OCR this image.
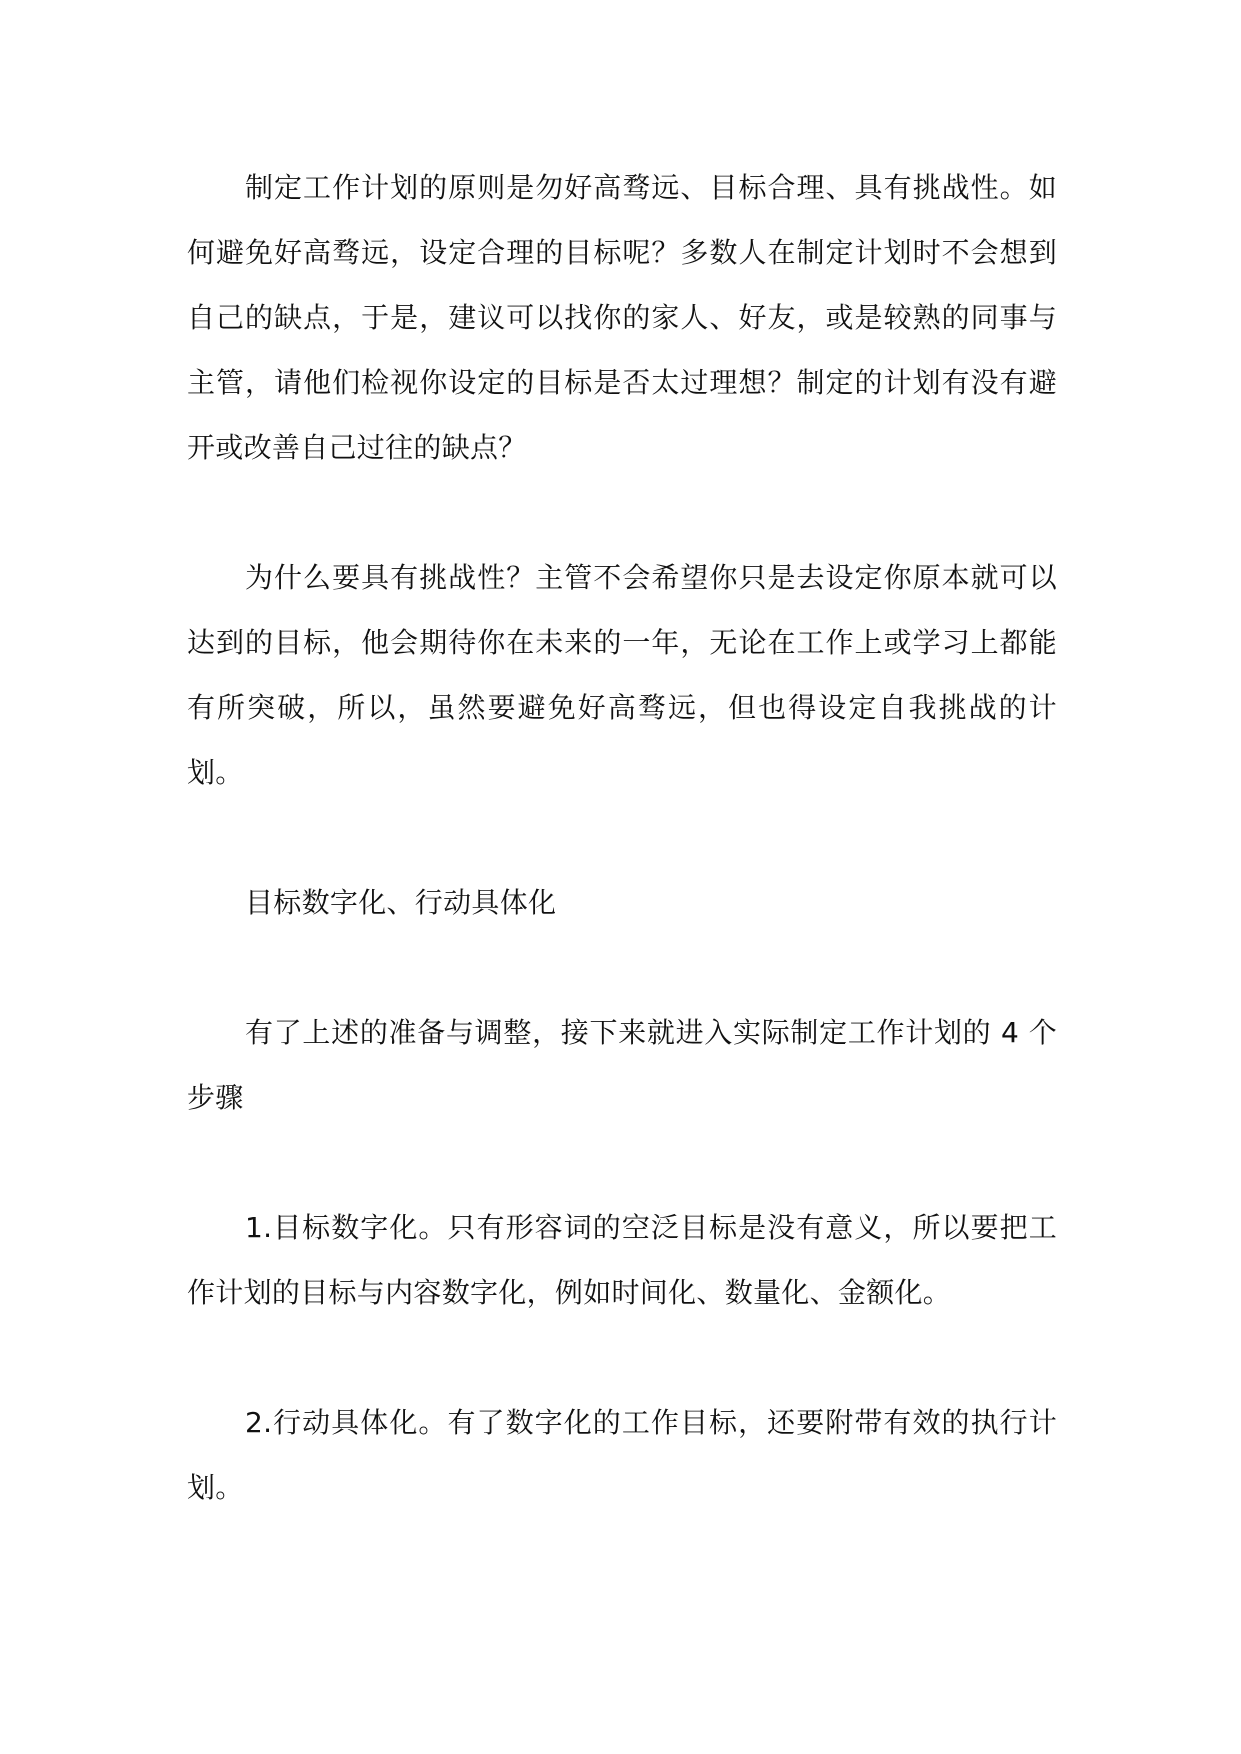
制定工作计划的原则是勿好高骛远、目标合理、具有挑战性。如何避免好高骛远，设定合理的目标呢？多数人在制定计划时不会想到自己的缺点，于是，建议可以找你的家人、好友，或是较熟的同事与主管，请他们检视你设定的目标是否太过理想？制定的计划有没有避开或改善自己过往的缺点？

为什么要具有挑战性？主管不会希望你只是去设定你原本就可以达到的目标，他会期待你在未来的一年，无论在工作上或学习上都能有所突破，所以，虽然要避免好高骛远，但也得设定自我挑战的计划。

目标数字化、行动具体化

有了上述的准备与调整，接下来就进入实际制定工作计划的 4 个步骤

1.目标数字化。只有形容词的空泛目标是没有意义，所以要把工作计划的目标与内容数字化，例如时间化、数量化、金额化。

2.行动具体化。有了数字化的工作目标，还要附带有效的执行计划。
